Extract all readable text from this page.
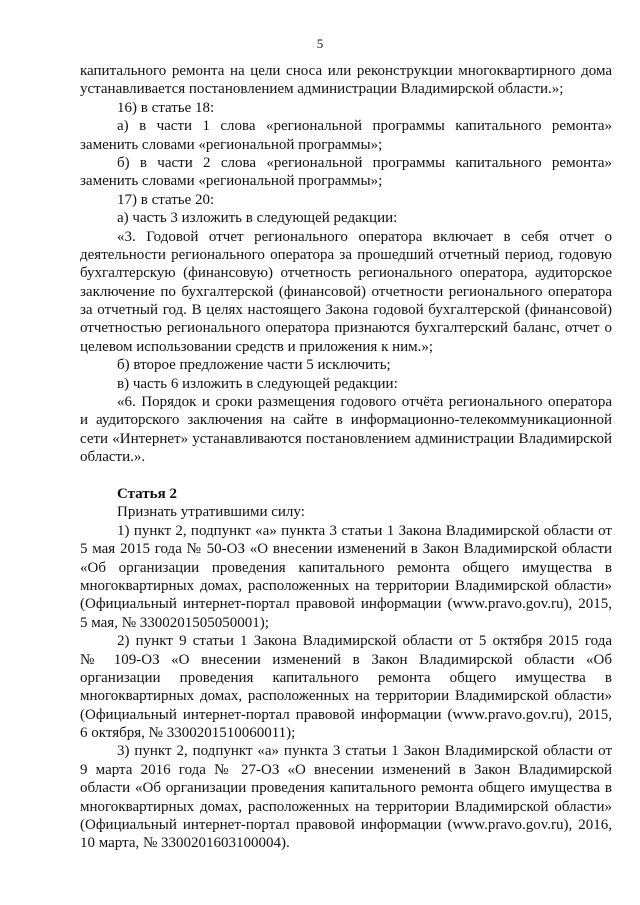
5
капитального ремонта на цели сноса или реконструкции многоквартирного дома
устанавливается постановлением администрации Владимирской области.»;
16) в статье 18:
а) в части 1 слова «региональной программы капитального ремонта»
заменить словами «региональной программы»;
б) в части 2 слова «региональной программы капитального ремонта»
заменить словами «региональной программы»;
17) в статье 20:
а) часть 3 изложить в следующей редакции:
«3. Годовой отчет регионального оператора включает в себя отчет о
деятельности регионального оператора за прошедший отчетный период, годовую
бухгалтерскую (финансовую) отчетность регионального оператора, аудиторское
заключение по бухгалтерской (финансовой) отчетности регионального оператора
за отчетный год. В целях настоящего Закона годовой бухгалтерской (финансовой)
отчетностью регионального оператора признаются бухгалтерский баланс, отчет о
целевом использовании средств и приложения к ним.»;
б) второе предложение части 5 исключить;
в) часть 6 изложить в следующей редакции:
«6. Порядок и сроки размещения годового отчёта регионального оператора
и аудиторского заключения на сайте в информационно-телекоммуникационной
сети «Интернет» устанавливаются постановлением администрации Владимирской
области.».
Статья 2
Признать утратившими силу:
1) пункт 2, подпункт «а» пункта 3 статьи 1 Закона Владимирской области от
5 мая 2015 года № 50-ОЗ «О внесении изменений в Закон Владимирской области
«Об организации проведения капитального ремонта общего имущества в
многоквартирных домах, расположенных на территории Владимирской области»
(Официальный интернет-портал правовой информации (www.pravo.gov.ru), 2015,
5 мая, № 3300201505050001);
2) пункт 9 статьи 1 Закона Владимирской области от 5 октября 2015 года
№ 109-ОЗ «О внесении изменений в Закон Владимирской области «Об
организации проведения капитального ремонта общего имущества в
многоквартирных домах, расположенных на территории Владимирской области»
(Официальный интернет-портал правовой информации (www.pravo.gov.ru), 2015,
6 октября, № 3300201510060011);
3) пункт 2, подпункт «а» пункта 3 статьи 1 Закон Владимирской области от
9 марта 2016 года № 27-ОЗ «О внесении изменений в Закон Владимирской
области «Об организации проведения капитального ремонта общего имущества в
многоквартирных домах, расположенных на территории Владимирской области»
(Официальный интернет-портал правовой информации (www.pravo.gov.ru), 2016,
10 марта, № 3300201603100004).
